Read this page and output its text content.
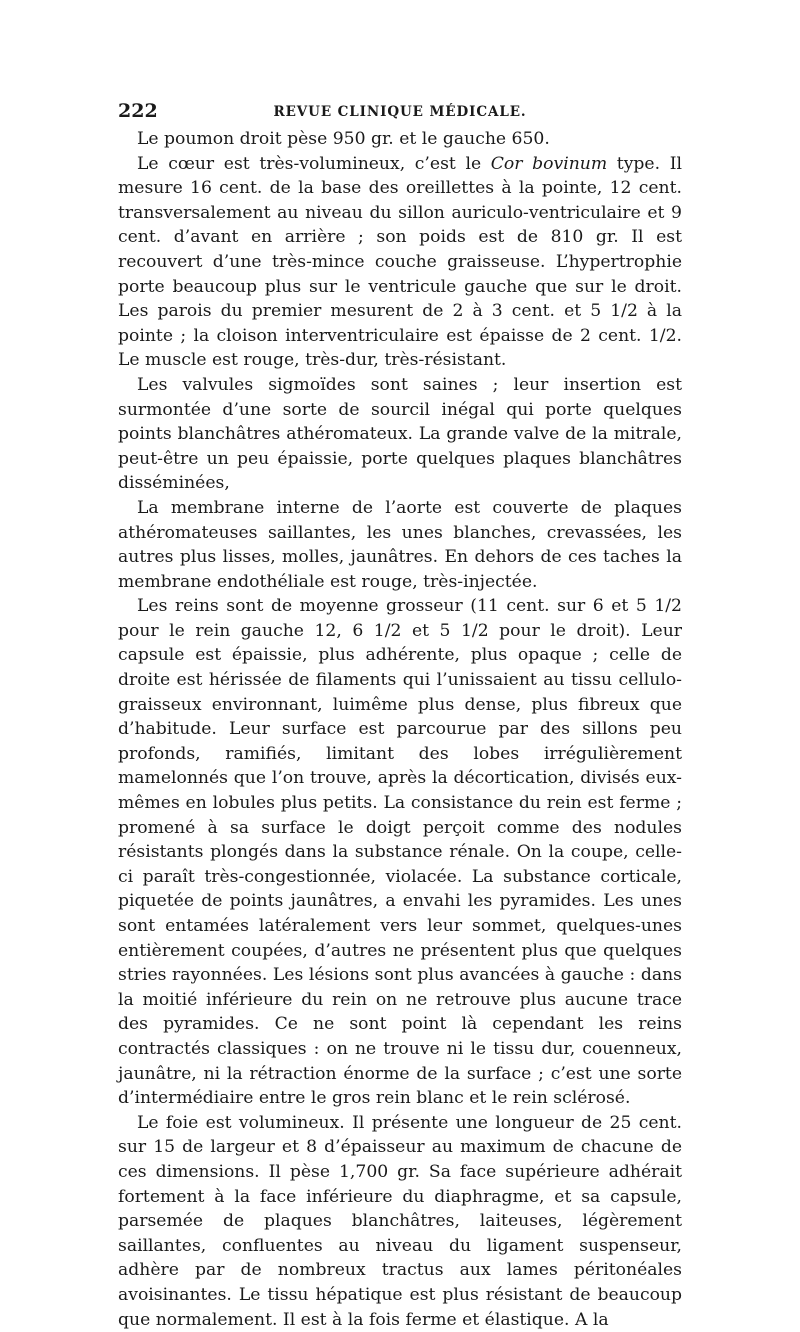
222	REVUE CLINIQUE MÉDICALE.

Le poumon droit pèse 950 gr. et le gauche 650.

Le cœur est très-volumineux, c’est le Cor bovinum type. Il mesure 16 cent. de la base des oreillettes à la pointe, 12 cent. transversalement au niveau du sillon auriculo-ventriculaire et 9 cent. d’avant en arrière ; son poids est de 810 gr. Il est recouvert d’une très-mince couche graisseuse. L’hypertrophie porte beaucoup plus sur le ventricule gauche que sur le droit. Les parois du premier mesurent de 2 à 3 cent. et 5 1/2 à la pointe ; la cloison interventriculaire est épaisse de 2 cent. 1/2. Le muscle est rouge, très-dur, très-résistant.

Les valvules sigmoïdes sont saines ; leur insertion est surmontée d’une sorte de sourcil inégal qui porte quelques points blanchâtres athéromateux. La grande valve de la mitrale, peut-être un peu épaissie, porte quelques plaques blanchâtres disséminées,

La membrane interne de l’aorte est couverte de plaques athéromateuses saillantes, les unes blanches, crevassées, les autres plus lisses, molles, jaunâtres. En dehors de ces taches la membrane endothéliale est rouge, très-injectée.

Les reins sont de moyenne grosseur (11 cent. sur 6 et 5 1/2 pour le rein gauche 12, 6 1/2 et 5 1/2 pour le droit). Leur capsule est épaissie, plus adhérente, plus opaque ; celle de droite est hérissée de filaments qui l’unissaient au tissu cellulo-graisseux environnant, luimême plus dense, plus fibreux que d’habitude. Leur surface est parcourue par des sillons peu profonds, ramifiés, limitant des lobes irrégulièrement mamelonnés que l’on trouve, après la décortication, divisés eux-mêmes en lobules plus petits. La consistance du rein est ferme ; promené à sa surface le doigt perçoit comme des nodules résistants plongés dans la substance rénale. On la coupe, celle-ci paraît très-congestionnée, violacée. La substance corticale, piquetée de points jaunâtres, a envahi les pyramides. Les unes sont entamées latéralement vers leur sommet, quelques-unes entièrement coupées, d’autres ne présentent plus que quelques stries rayonnées. Les lésions sont plus avancées à gauche : dans la moitié inférieure du rein on ne retrouve plus aucune trace des pyramides. Ce ne sont point là cependant les reins contractés classiques : on ne trouve ni le tissu dur, couenneux, jaunâtre, ni la rétraction énorme de la surface ; c’est une sorte d’intermédiaire entre le gros rein blanc et le rein sclérosé.

Le foie est volumineux. Il présente une longueur de 25 cent. sur 15 de largeur et 8 d’épaisseur au maximum de chacune de ces dimensions. Il pèse 1,700 gr. Sa face supérieure adhérait fortement à la face inférieure du diaphragme, et sa capsule, parsemée de plaques blanchâtres, laiteuses, légèrement saillantes, confluentes au niveau du ligament suspenseur, adhère par de nombreux tractus aux lames péritonéales avoisinantes. Le tissu hépatique est plus résistant de beaucoup que normalement. Il est à la fois ferme et élastique. A la
